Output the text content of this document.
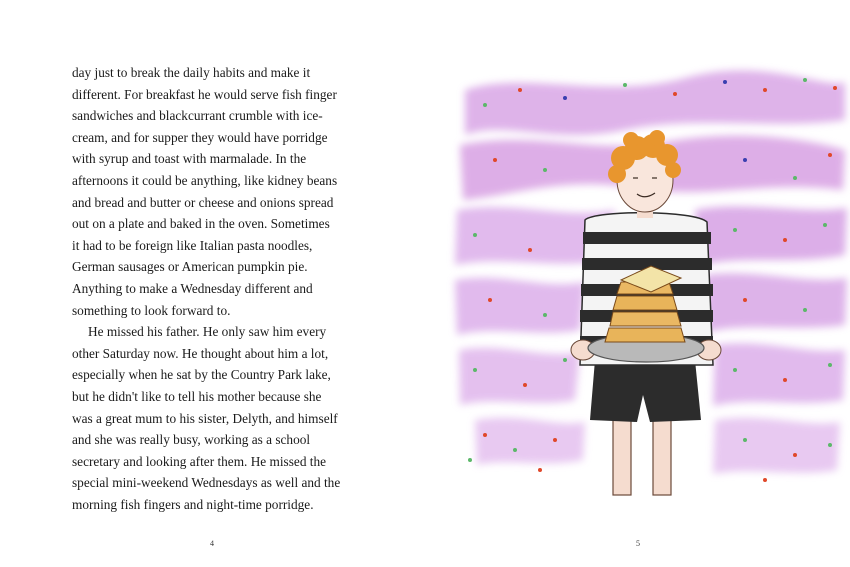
day just to break the daily habits and make it
different. For breakfast he would serve fish finger
sandwiches and blackcurrant crumble with ice-
cream, and for supper they would have porridge
with syrup and toast with marmalade. In the
afternoons it could be anything, like kidney beans
and bread and butter or cheese and onions spread
out on a plate and baked in the oven. Sometimes
it had to be foreign like Italian pasta noodles,
German sausages or American pumpkin pie.
Anything to make a Wednesday different and
something to look forward to.

He missed his father. He only saw him every
other Saturday now. He thought about him a lot,
especially when he sat by the Country Park lake,
but he didn't like to tell his mother because she
was a great mum to his sister, Delyth, and himself
and she was really busy, working as a school
secretary and looking after them. He missed the
special mini-weekend Wednesdays as well and the
morning fish fingers and night-time porridge.

4	5
